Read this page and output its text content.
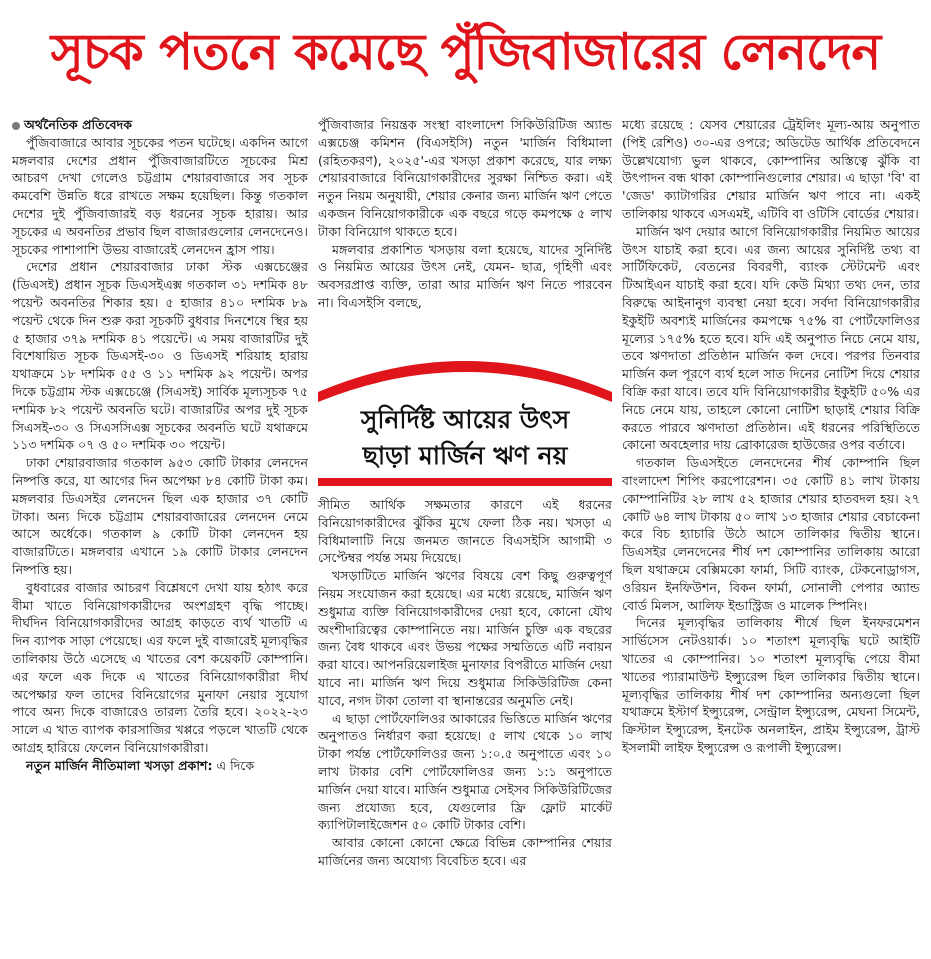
সূচক পতনে কমেছে পুঁজিবাজারের লেনদেন

অর্থনৈতিক প্রতিবেদক

পুঁজিবাজারে আবার সূচকের পতন ঘটেছে। একদিন আগে মঙ্গলবার দেশের প্রধান পুঁজিবাজারটিতে সূচকের মিশ্র আচরণ দেখা গেলেও চট্টগ্রাম শেয়ারবাজারে সব সূচক কমবেশি উন্নতি ধরে রাখতে সক্ষম হয়েছিল। কিন্তু গতকাল দেশের দুই পুঁজিবাজারই বড় ধরনের সূচক হারায়। আর সূচকের এ অবনতির প্রভাব ছিল বাজারগুলোর লেনদেনেও। সূচকের পাশাপাশি উভয় বাজারেই লেনদেন হ্রাস পায়।

দেশের প্রধান শেয়ারবাজার ঢাকা স্টক এক্সচেঞ্জের (ডিএসই) প্রধান সূচক ডিএসইএক্স গতকাল ৩১ দশমিক ৪৮ পয়েন্ট অবনতির শিকার হয়। ৫ হাজার ৪১০ দশমিক ৮৯ পয়েন্ট থেকে দিন শুরু করা সূচকটি বুধবার দিনশেষে স্থির হয় ৫ হাজার ৩৭৯ দশমিক ৪১ পয়েন্টে। এ সময় বাজারটির দুই বিশেষায়িত সূচক ডিএসই-৩০ ও ডিএসই শরিয়াহ হারায় যথাক্রমে ১৮ দশমিক ৫৫ ও ১১ দশমিক ৯২ পয়েন্ট। অপর দিকে চট্টগ্রাম স্টক এক্সচেঞ্জে (সিএসই) সার্বিক মূল্যসূচক ৭৫ দশমিক ৮২ পয়েন্ট অবনতি ঘটে। বাজারটির অপর দুই সূচক সিএসই-৩০ ও সিএসসিএক্স সূচকের অবনতি ঘটে যথাক্রমে ১১৩ দশমিক ০৭ ও ৫০ দশমিক ৩০ পয়েন্ট।

ঢাকা শেয়ারবাজার গতকাল ৯৫৩ কোটি টাকার লেনদেন নিষ্পত্তি করে, যা আগের দিন অপেক্ষা ৮৪ কোটি টাকা কম। মঙ্গলবার ডিএসইর লেনদেন ছিল এক হাজার ৩৭ কোটি টাকা। অন্য দিকে চট্টগ্রাম শেয়ারবাজারের লেনদেন নেমে আসে অর্ধেকে। গতকাল ৯ কোটি টাকা লেনদেন হয় বাজারটিতে। মঙ্গলবার এখানে ১৯ কোটি টাকার লেনদেন নিষ্পত্তি হয়।

বুধবারের বাজার আচরণ বিশ্লেষণে দেখা যায় হঠাৎ করে বীমা খাতে বিনিয়োগকারীদের অংশগ্রহণ বৃদ্ধি পাচ্ছে। দীর্ঘদিন বিনিয়োগকারীদের আগ্রহ কাড়তে ব্যর্থ খাতটি এ দিন ব্যাপক সাড়া পেয়েছে। এর ফলে দুই বাজারেই মূল্যবৃদ্ধির তালিকায় উঠে এসেছে এ খাতের বেশ কয়েকটি কোম্পানি। এর ফলে এক দিকে এ খাতের বিনিয়োগকারীরা দীর্ঘ অপেক্ষার ফল তাদের বিনিয়োগের মুনাফা নেয়ার সুযোগ পাবে অন্য দিকে বাজারেও তারল্য তৈরি হবে। ২০২২-২৩ সালে এ খাত ব্যাপক কারসাজির খপ্পরে পড়লে খাতটি থেকে আগ্রহ হারিয়ে ফেলেন বিনিয়োগকারীরা।

নতুন মার্জিন নীতিমালা খসড়া প্রকাশ: এ দিকে

পুঁজিবাজার নিয়ন্ত্রক সংস্থা বাংলাদেশ সিকিউরিটিজ অ্যান্ড এক্সচেঞ্জ কমিশন (বিএসইসি) নতুন 'মার্জিন বিধিমালা (রহিতকরণ), ২০২৫'-এর খসড়া প্রকাশ করেছে, যার লক্ষ্য শেয়ারবাজারে বিনিয়োগকারীদের সুরক্ষা নিশ্চিত করা। এই নতুন নিয়ম অনুযায়ী, শেয়ার কেনার জন্য মার্জিন ঋণ পেতে একজন বিনিয়োগকারীকে এক বছরে গড়ে কমপক্ষে ৫ লাখ টাকা বিনিয়োগ থাকতে হবে।

মঙ্গলবার প্রকাশিত খসড়ায় বলা হয়েছে, যাদের সুনির্দিষ্ট ও নিয়মিত আয়ের উৎস নেই, যেমন- ছাত্র, গৃহিণী এবং অবসরপ্রাপ্ত ব্যক্তি, তারা আর মার্জিন ঋণ নিতে পারবেন না। বিএসইসি বলছে,

সুনির্দিষ্ট আয়ের উৎস
ছাড়া মার্জিন ঋণ নয়

সীমিত আর্থিক সক্ষমতার কারণে এই ধরনের বিনিয়োগকারীদের ঝুঁকির মুখে ফেলা ঠিক নয়। খসড়া এ বিধিমালাটি নিয়ে জনমত জানতে বিএসইসি আগামী ৩ সেপ্টেম্বর পর্যন্ত সময় দিয়েছে।

খসড়াটিতে মার্জিন ঋণের বিষয়ে বেশ কিছু গুরুত্বপূর্ণ নিয়ম সংযোজন করা হয়েছে। এর মধ্যে রয়েছে, মার্জিন ঋণ শুধুমাত্র ব্যক্তি বিনিয়োগকারীদের দেয়া হবে, কোনো যৌথ অংশীদারিত্বের কোম্পানিতে নয়। মার্জিন চুক্তি এক বছরের জন্য বৈধ থাকবে এবং উভয় পক্ষের সম্মতিতে এটি নবায়ন করা যাবে। আপনরিয়েলাইজ মুনাফার বিপরীতে মার্জিন দেয়া যাবে না। মার্জিন ঋণ দিয়ে শুধুমাত্র সিকিউরিটিজ কেনা যাবে, নগদ টাকা তোলা বা স্থানান্তরের অনুমতি নেই।

এ ছাড়া পোর্টফোলিওর আকারের ভিত্তিতে মার্জিন ঋণের অনুপাতও নির্ধারণ করা হয়েছে। ৫ লাখ থেকে ১০ লাখ টাকা পর্যন্ত পোর্টফোলিওর জন্য ১:০.৫ অনুপাতে এবং ১০ লাখ টাকার বেশি পোর্টফোলিওর জন্য ১:১ অনুপাতে মার্জিন দেয়া যাবে। মার্জিন শুধুমাত্র সেইসব সিকিউরিটিজের জন্য প্রযোজ্য হবে, যেগুলোর ফ্রি ফ্লোট মার্কেট ক্যাপিটালাইজেশন ৫০ কোটি টাকার বেশি।

আবার কোনো কোনো ক্ষেত্রে বিভিন্ন কোম্পানির শেয়ার মার্জিনের জন্য অযোগ্য বিবেচিত হবে। এর

মধ্যে রয়েছে : যেসব শেয়ারের ট্রেইলিং মূল্য-আয় অনুপাত (পিই রেশিও) ৩০-এর ওপরে; অডিটেড আর্থিক প্রতিবেদনে উল্লেখযোগ্য ভুল থাকবে, কোম্পানির অস্তিত্বে ঝুঁকি বা উৎপাদন বন্ধ থাকা কোম্পানিগুলোর শেয়ার। এ ছাড়া 'বি' বা 'জেড' ক্যাটাগরির শেয়ার মার্জিন ঋণ পাবে না। একই তালিকায় থাকবে এসএমই, এটিবি বা ওটিসি বোর্ডের শেয়ার।

মার্জিন ঋণ দেয়ার আগে বিনিয়োগকারীর নিয়মিত আয়ের উৎস যাচাই করা হবে। এর জন্য আয়ের সুনির্দিষ্ট তথ্য বা সার্টিফিকেট, বেতনের বিবরণী, ব্যাংক স্টেটমেন্ট এবং টিআইএন যাচাই করা হবে। যদি কেউ মিথ্যা তথ্য দেন, তার বিরুদ্ধে আইনানুগ ব্যবস্থা নেয়া হবে। সর্বদা বিনিয়োগকারীর ইকুইটি অবশ্যই মার্জিনের কমপক্ষে ৭৫% বা পোর্টফোলিওর মূল্যের ১৭৫% হতে হবে। যদি এই অনুপাত নিচে নেমে যায়, তবে ঋণদাতা প্রতিষ্ঠান মার্জিন কল দেবে। পরপর তিনবার মার্জিন কল পূরণে ব্যর্থ হলে সাত দিনের নোটিশ দিয়ে শেয়ার বিক্রি করা যাবে। তবে যদি বিনিয়োগকারীর ইকুইটি ৫০% এর নিচে নেমে যায়, তাহলে কোনো নোটিশ ছাড়াই শেয়ার বিক্রি করতে পারবে ঋণদাতা প্রতিষ্ঠান। এই ধরনের পরিস্থিতিতে কোনো অবহেলার দায় ব্রোকারেজ হাউজের ওপর বর্তাবে।

গতকাল ডিএসইতে লেনদেনের শীর্ষ কোম্পানি ছিল বাংলাদেশ শিপিং করপোরেশন। ৩৫ কোটি ৪১ লাখ টাকায় কোম্পানিটির ২৮ লাখ ৫২ হাজার শেয়ার হাতবদল হয়। ২৭ কোটি ৬৪ লাখ টাকায় ৫০ লাখ ১৩ হাজার শেয়ার বেচাকেনা করে বিচ হ্যাচারি উঠে আসে তালিকার দ্বিতীয় স্থানে। ডিএসইর লেনদেনের শীর্ষ দশ কোম্পানির তালিকায় আরো ছিল যথাক্রমে বেক্সিমকো ফার্মা, সিটি ব্যাংক, টেকনোড্রাগস, ওরিয়ন ইনফিউশন, বিকন ফার্মা, সোনালী পেপার অ্যান্ড বোর্ড মিলস, আলিফ ইন্ডাস্ট্রিজ ও মালেক স্পিনিং।

দিনের মূল্যবৃদ্ধির তালিকায় শীর্ষে ছিল ইনফরমেশন সার্ভিসেস নেটওয়ার্ক। ১০ শতাংশ মূল্যবৃদ্ধি ঘটে আইটি খাতের এ কোম্পানির। ১০ শতাংশ মূল্যবৃদ্ধি পেয়ে বীমা খাতের প্যারামাউন্ট ইন্স্যুরেন্স ছিল তালিকার দ্বিতীয় স্থানে। মূল্যবৃদ্ধির তালিকায় শীর্ষ দশ কোম্পানির অন্যগুলো ছিল যথাক্রমে ইস্টার্ণ ইন্স্যুরেন্স, সেন্ট্রাল ইন্স্যুরেন্স, মেঘনা সিমেন্ট, ক্রিস্টাল ইন্স্যুরেন্স, ইনটেক অনলাইন, প্রাইম ইন্স্যুরেন্স, ট্রাস্ট ইসলামী লাইফ ইন্স্যুরেন্স ও রূপালী ইন্স্যুরেন্স।
